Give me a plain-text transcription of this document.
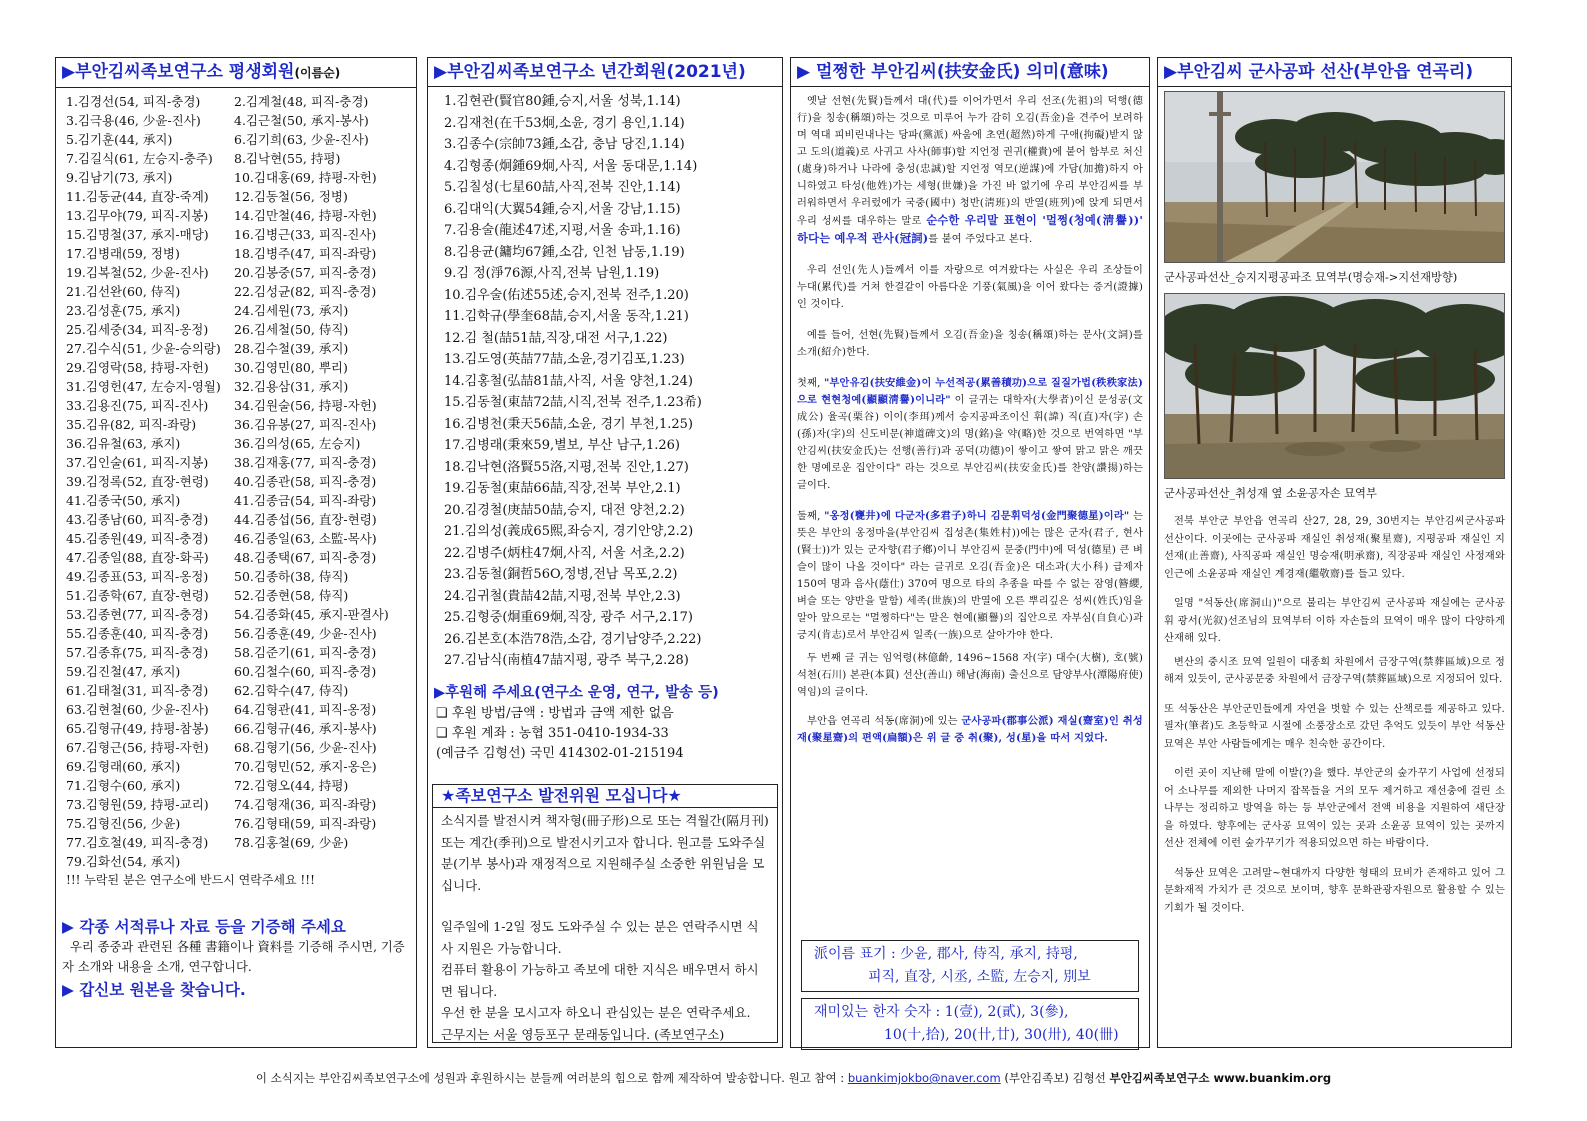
▶부안김씨족보연구소 평생회원(이름순)
1.김경선(54, 피직-충경)	2.김계철(48, 피직-충경)
3.김극용(46, 少윤-진사)	4.김근철(50, 承지-봉사)
5.김기훈(44, 承지)	6.김기희(63, 少윤-진사)
7.김길식(61, 左승지-충주)	8.김낙현(55, 持평)
9.김남기(73, 承지)	10.김대홍(69, 持평-자헌)
11.김동균(44, 直장-죽계)	12.김동철(56, 정병)
13.김무야(79, 피직-지봉)	14.김만철(46, 持평-자헌)
15.김명철(37, 承지-매당)	16.김병근(33, 피직-진사)
17.김병래(59, 정병)	18.김병주(47, 피직-좌랑)
19.김복철(52, 少윤-진사)	20.김봉중(57, 피직-충경)
21.김선완(60, 侍직)	22.김성균(82, 피직-충경)
23.김성훈(75, 承지)	24.김세원(73, 承지)
25.김세중(34, 피직-옹정)	26.김세철(50, 侍직)
27.김수식(51, 少윤-승의랑)	28.김수철(39, 承지)
29.김영락(58, 持평-자헌)	30.김영민(80, 뿌리)
31.김영헌(47, 左승지-영월)	32.김용삼(31, 承지)
33.김용진(75, 피직-진사)	34.김원술(56, 持평-자헌)
35.김유(82, 피직-좌랑)	36.김유봉(27, 피직-진사)
36.김유철(63, 承지)	36.김의성(65, 左승지)
37.김인술(61, 피직-지봉)	38.김재홍(77, 피직-충경)
39.김정록(52, 直장-현령)	40.김종관(58, 피직-충경)
41.김종국(50, 承지)	41.김종금(54, 피직-좌랑)
43.김종남(60, 피직-충경)	44.김종섭(56, 直장-현령)
45.김종원(49, 피직-충경)	46.김종일(63, 소監-목사)
47.김종일(88, 直장-화곡)	48.김종택(67, 피직-충경)
49.김종표(53, 피직-옹정)	50.김종하(38, 侍직)
51.김종학(67, 直장-현령)	52.김종현(58, 侍직)
53.김종현(77, 피직-충경)	54.김종화(45, 承지-판결사)
55.김종훈(40, 피직-충경)	56.김종훈(49, 少윤-진사)
57.김종휴(75, 피직-충경)	58.김준기(61, 피직-충경)
59.김진철(47, 承지)	60.김철수(60, 피직-충경)
61.김태철(31, 피직-충경)	62.김학수(47, 侍직)
63.김현철(60, 少윤-진사)	64.김형관(41, 피직-옹정)
65.김형규(49, 持평-참봉)	66.김형규(46, 承지-봉사)
67.김형근(56, 持평-자헌)	68.김형기(56, 少윤-진사)
69.김형래(60, 承지)	70.김형민(52, 承지-옹은)
71.김형수(60, 承지)	72.김형오(44, 持평)
73.김형원(59, 持평-교리)	74.김형재(36, 피직-좌랑)
75.김형진(56, 少윤)	76.김형태(59, 피직-좌랑)
77.김호철(49, 피직-충경)	78.김홍철(69, 少윤)
79.김화선(54, 承지)
!!! 누락된 분은 연구소에 반드시 연락주세요 !!!
▶ 각종 서적류나 자료 등을 기증해 주세요
우리 종중과 관련된 各種 書籍이나 資料를 기증해 주시면, 기증자 소개와 내용을 소개, 연구합니다.
▶ 갑신보 원본을 찾습니다.
▶부안김씨족보연구소 년간회원(2021년)
1.김현관(賢官80鍾,승지,서울 성북,1.14)
2.김재천(在千53炯,소윤, 경기 용인,1.14)
3.김종수(宗帥73鍾,소감, 충남 당진,1.14)
4.김형종(炯鍾69炯,사직, 서울 동대문,1.14)
5.김칠성(七星60喆,사직,전북 진안,1.14)
6.김대익(大翼54鍾,승지,서울 강남,1.15)
7.김용술(龍述47述,지평,서울 송파,1.16)
8.김용균(鏞均67鍾,소감, 인천 남동,1.19)
9.김 정(淨76源,사직,전북 남원,1.19)
10.김우술(佑述55述,승지,전북 전주,1.20)
11.김학규(學奎68喆,승지,서울 동작,1.21)
12.김 철(喆51喆,직장,대전 서구,1.22)
13.김도영(英喆77喆,소윤,경기김포,1.23)
14.김홍철(弘喆81喆,사직, 서울 양천,1.24)
15.김동철(東喆72喆,시직,전북 전주,1.23希)
16.김병천(秉天56喆,소윤, 경기 부천,1.25)
17.김병래(秉來59,별보, 부산 남구,1.26)
18.김낙현(洛賢55洛,지평,전북 진안,1.27)
19.김동철(東喆66喆,직장,전북 부안,2.1)
20.김경철(庚喆50喆,승지, 대전 양천,2.2)
21.김의성(義成65熙,좌승지, 경기안양,2.2)
22.김병주(炳柱47炯,사직, 서울 서초,2.2)
23.김동철(銅哲56O,정병,전남 목포,2.2)
24.김귀철(貴喆42喆,지평,전북 부안,2.3)
25.김형중(炯重69炯,직장, 광주 서구,2.17)
26.김본호(本浩78浩,소감, 경기남양주,2.22)
27.김남식(南植47喆지평, 광주 북구,2.28)
▶후원해 주세요(연구소 운영, 연구, 발송 등)
❑ 후원 방법/금액 : 방법과 금액 제한 없음
❑ 후원 계좌 : 농협 351-0410-1934-33
(예금주 김형선) 국민 414302-01-215194
★족보연구소 발전위원 모십니다★
소식지를 발전시켜 책자형(冊子形)으로 또는 격월간(隔月刊) 또는 계간(季刊)으로 발전시키고자 합니다. 원고를 도와주실 분(기부 봉사)과 재정적으로 지원해주실 소중한 위원님을 모십니다.
일주일에 1-2일 정도 도와주실 수 있는 분은 연락주시면 식사 지원은 가능합니다.
컴퓨터 활용이 가능하고 족보에 대한 지식은 배우면서 하시면 됩니다.
우선 한 분을 모시고자 하오니 관심있는 분은 연락주세요.
근무지는 서울 영등포구 문래동입니다. (족보연구소)
▶ 멀쩡한 부안김씨(扶安金氏) 의미(意味)
옛날 선현(先賢)들께서 대(代)를 이어가면서 우리 선조(先祖)의 덕행(德行)을 칭송(稱頌)하는 것으로 미루어 누가 감히 오김(吾金)을 견주어 보려하며 역대 피비린내나는 당파(黨派) 싸움에 초연(超然)하게 구애(拘礙)받지 않고 도의(道義)로 사귀고 사사(師事)할 지언정 권귀(權貴)에 붙어 함부로 처신(處身)하거나 나라에 충성(忠誠)할 지언정 역모(逆謀)에 가담(加擔)하지 아니하였고 타성(他姓)가는 세형(世嫌)을 가진 바 없기에 우리 부안김씨를 부러워하면서 우러렀에가 국중(國中) 청반(淸班)의 반열(班列)에 앉게 되면서 우리 성씨를 대우하는 말로 순수한 우리말 표현이 '멀쩡(청예(淸譽))' 하다는 예우적 관사(冠詞)를 붙여 주었다고 본다.
우리 선인(先人)들께서 이를 자랑으로 여겨왔다는 사실은 우리 조상들이 누대(累代)를 거쳐 한결같이 아름다운 기풍(氣風)을 이어 왔다는 증거(證據)인 것이다.
예를 들어, 선현(先賢)들께서 오김(吾金)을 칭송(稱頌)하는 문사(文詞)를 소개(紹介)한다.
첫째, "부안유김(扶安維金)이 누선적공(累善積功)으로 질질가법(秩秩家法)으로 현현청예(顯顯淸譽)이니라" 이 글귀는 대학자(大學者)이신 문성공(文成公) 율곡(栗谷) 이이(李珥)께서 승지공파조이신 휘(諱) 직(直)자(字) 손(孫)자(字)의 신도비문(神道碑文)의 명(銘)을 약(略)한 것으로 번역하면 "부안김씨(扶安金氏)는 선행(善行)과 공덕(功德)이 쌓이고 쌓여 맑고 맑은 깨끗한 명예로운 집안이다" 라는 것으로 부안김씨(扶安金氏)를 찬양(讚揚)하는 글이다.
둘째, "옹정(甕井)에 다군자(多君子)하니 김문휘덕성(金門聚德星)이라" 는 뜻은 부안의 옹정마을(부안김씨 집성촌(集姓村))에는 많은 군자(君子, 현사(賢士))가 있는 군자향(君子鄕)이니 부안김씨 문중(門中)에 덕성(德星) 큰 벼슬이 많이 나올 것이다" 라는 글귀로 오김(吾金)은 대소과(大小科) 급제자 150여 명과 음사(蔭仕) 370여 명으로 타의 추종을 따를 수 없는 잠영(簪纓, 벼슬 또는 양반을 말함) 세족(世族)의 반열에 오른 뿌리깊은 성씨(姓氏)임을 알아 앞으로는 "멀쩡하다"는 말은 현예(顯譽)의 집안으로 자부심(自負心)과 긍지(肯志)로서 부안김씨 일족(一族)으로 살아가야 한다.
두 번째 글 귀는 임억령(林億齡, 1496~1568 자(字) 대수(大樹), 호(號) 석천(石川) 본관(本貫) 선산(善山) 해남(海南) 출신으로 담양부사(潭陽府使) 역임)의 글이다.
부안읍 연곡리 석동(席洞)에 있는 군사공파(郡事公派) 재실(齋室)인 취성재(聚星齋)의 편액(扁額)은 위 글 중 취(聚), 성(星)을 따서 지었다.
派이름 표기 : 少윤, 郡사, 侍직, 承지, 持평,
피직, 直장, 시丞, 소監, 左승지, 別보
재미있는 한자 숫자 : 1(壹), 2(貳), 3(參),
10(十,拾), 20(卄,廿), 30(卅), 40(卌)
▶부안김씨 군사공파 선산(부안읍 연곡리)
군사공파선산_승지지평공파조 묘역부(명승재->지선재방향)
군사공파선산_취성재 옆 소윤공자손 묘역부
전북 부안군 부안읍 연곡리 산27, 28, 29, 30번지는 부안김씨군사공파 선산이다. 이곳에는 군사공파 재실인 취성재(聚星齋), 지평공파 재실인 지선재(止善齋), 사직공파 재실인 명승재(明承齋), 직장공파 재실인 사정재와 인근에 소윤공파 재실인 계경재(繼敬齋)를 들고 있다.
일명 "석동산(席洞山)"으로 불리는 부안김씨 군사공파 재실에는 군사공 휘 광서(光叙)선조님의 묘역부터 이하 자손들의 묘역이 매우 많이 다양하게 산재해 있다.
변산의 중시조 묘역 일원이 대종회 차원에서 금장구역(禁葬區域)으로 정해져 있듯이, 군사공문중 차원에서 금장구역(禁葬區域)으로 지정되어 있다.
또 석동산은 부안군민들에게 자연을 벗할 수 있는 산책로를 제공하고 있다. 필자(筆者)도 초등학교 시절에 소풍장소로 갔던 추억도 있듯이 부안 석동산 묘역은 부안 사람들에게는 매우 친숙한 공간이다.
이런 곳이 지난해 말에 이발(?)을 했다. 부안군의 숲가꾸기 사업에 선정되어 소나무를 제외한 나머지 잡목들을 거의 모두 제거하고 재선충에 걸린 소나무는 정리하고 방역을 하는 등 부안군에서 전액 비용을 지원하여 새단장을 하였다. 향후에는 군사공 묘역이 있는 곳과 소윤공 묘역이 있는 곳까지 선산 전체에 이런 숲가꾸기가 적용되었으면 하는 바람이다.
석동산 묘역은 고려말~현대까지 다양한 형태의 묘비가 존재하고 있어 그 문화재적 가치가 큰 것으로 보이며, 향후 문화관광자원으로 활용할 수 있는 기회가 될 것이다.
이 소식지는 부안김씨족보연구소에 성원과 후원하시는 분들께 여러분의 힘으로 함께 제작하여 발송합니다. 원고 참여 : buankimjokbo@naver.com (부안김족보) 김형선 부안김씨족보연구소 www.buankim.org
